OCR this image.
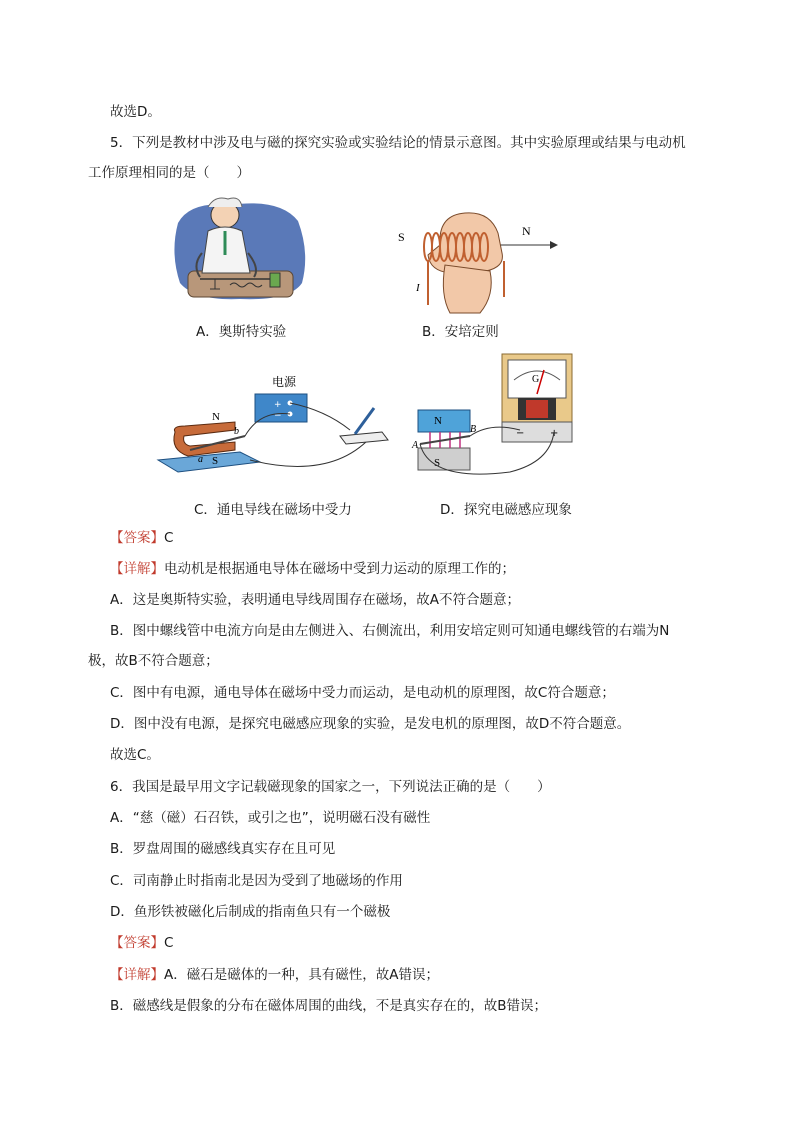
故选D。
5．下列是教材中涉及电与磁的探究实验或实验结论的情景示意图。其中实验原理或结果与电动机
工作原理相同的是（　　）
A．奥斯特实验
S	N
I
B．安培定则
电源
+
−
N
S
a
b
C．通电导线在磁场中受力
G
−	+
N
S
A
B
D．探究电磁感应现象
【答案】C
【详解】电动机是根据通电导体在磁场中受到力运动的原理工作的；
A．这是奥斯特实验，表明通电导线周围存在磁场，故A不符合题意；
B．图中螺线管中电流方向是由左侧进入、右侧流出，利用安培定则可知通电螺线管的右端为N
极，故B不符合题意；
C．图中有电源，通电导体在磁场中受力而运动，是电动机的原理图，故C符合题意；
D．图中没有电源，是探究电磁感应现象的实验，是发电机的原理图，故D不符合题意。
故选C。
6．我国是最早用文字记载磁现象的国家之一，下列说法正确的是（　　）
A．“慈（磁）石召铁，或引之也”，说明磁石没有磁性
B．罗盘周围的磁感线真实存在且可见
C．司南静止时指南北是因为受到了地磁场的作用
D．鱼形铁被磁化后制成的指南鱼只有一个磁极
【答案】C
【详解】A．磁石是磁体的一种，具有磁性，故A错误；
B．磁感线是假象的分布在磁体周围的曲线，不是真实存在的，故B错误；
